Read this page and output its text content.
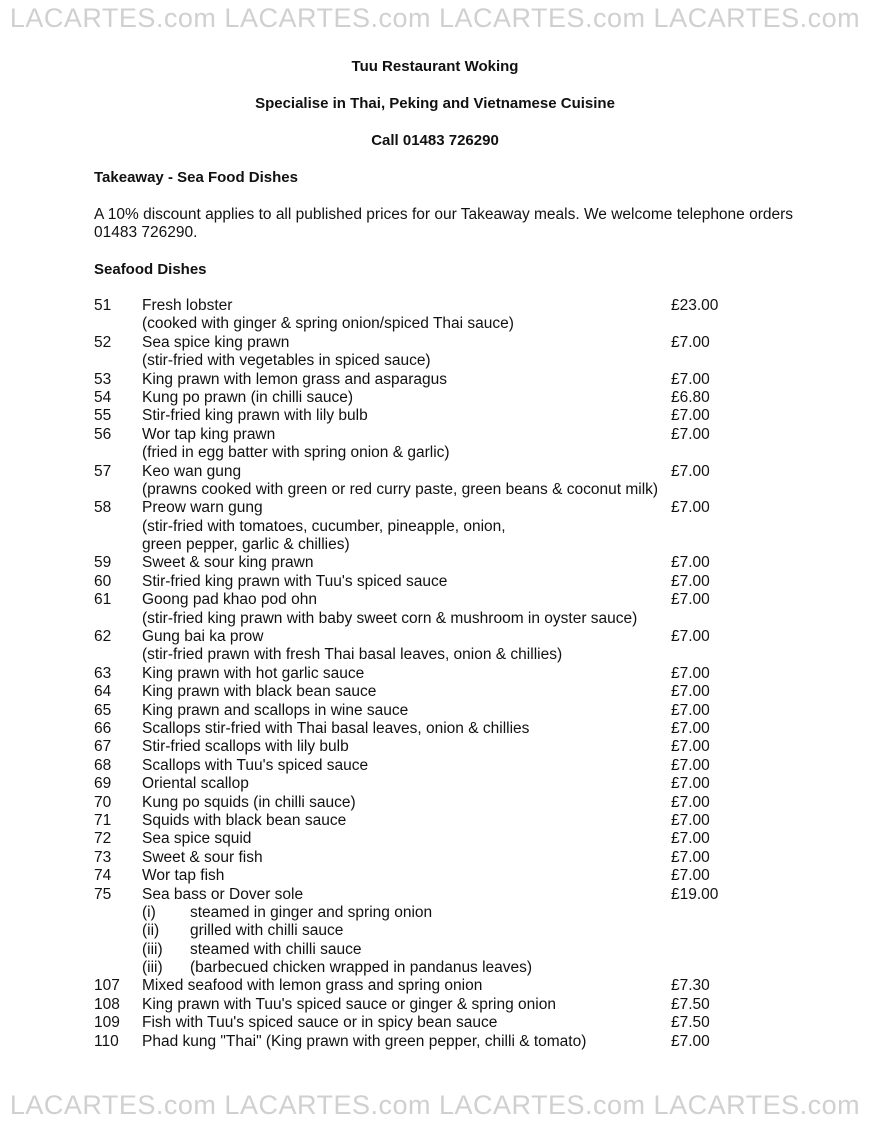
LACARTES.com LACARTES.com LACARTES.com LACARTES.com
Tuu Restaurant Woking
Specialise in Thai, Peking and Vietnamese Cuisine
Call 01483 726290
Takeaway - Sea Food Dishes
A 10% discount applies to all published prices for our Takeaway meals. We welcome telephone orders 01483 726290.
Seafood Dishes
51 Fresh lobster	£23.00
(cooked with ginger & spring onion/spiced Thai sauce)
52 Sea spice king prawn	£7.00
(stir-fried with vegetables in spiced sauce)
53 King prawn with lemon grass and asparagus	£7.00
54 Kung po prawn (in chilli sauce)	£6.80
55 Stir-fried king prawn with lily bulb	£7.00
56 Wor tap king prawn	£7.00
(fried in egg batter with spring onion & garlic)
57 Keo wan gung	£7.00
(prawns cooked with green or red curry paste, green beans & coconut milk)
58 Preow warn gung	£7.00
(stir-fried with tomatoes, cucumber, pineapple, onion,
green pepper, garlic & chillies)
59 Sweet & sour king prawn	£7.00
60 Stir-fried king prawn with Tuu's spiced sauce	£7.00
61 Goong pad khao pod ohn	£7.00
(stir-fried king prawn with baby sweet corn & mushroom in oyster sauce)
62 Gung bai ka prow	£7.00
(stir-fried prawn with fresh Thai basal leaves, onion & chillies)
63 King prawn with hot garlic sauce	£7.00
64 King prawn with black bean sauce	£7.00
65 King prawn and scallops in wine sauce	£7.00
66 Scallops stir-fried with Thai basal leaves, onion & chillies	£7.00
67 Stir-fried scallops with lily bulb	£7.00
68 Scallops with Tuu's spiced sauce	£7.00
69 Oriental scallop	£7.00
70 Kung po squids (in chilli sauce)	£7.00
71 Squids with black bean sauce	£7.00
72 Sea spice squid	£7.00
73 Sweet & sour fish	£7.00
74 Wor tap fish	£7.00
75 Sea bass or Dover sole	£19.00
(i) steamed in ginger and spring onion
(ii) grilled with chilli sauce
(iii) steamed with chilli sauce
(iii) (barbecued chicken wrapped in pandanus leaves)
107 Mixed seafood with lemon grass and spring onion	£7.30
108 King prawn with Tuu's spiced sauce or ginger & spring onion	£7.50
109 Fish with Tuu's spiced sauce or in spicy bean sauce	£7.50
110 Phad kung "Thai" (King prawn with green pepper, chilli & tomato)	£7.00
LACARTES.com LACARTES.com LACARTES.com LACARTES.com
